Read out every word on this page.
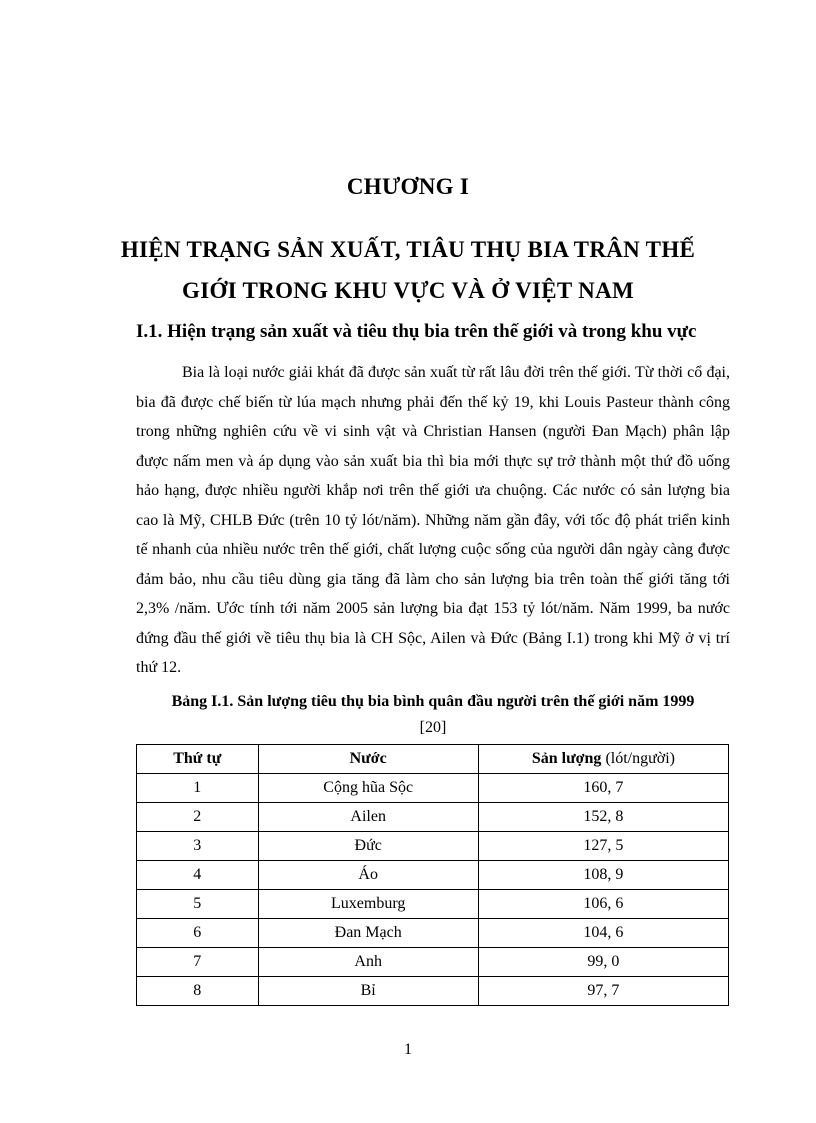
CHƯƠNG I
HIỆN TRẠNG SẢN XUẤT, TIÂU THỤ BIA TRÂN THẾ
GIỚI TRONG KHU VỰC VÀ Ở VIỆT NAM
I.1. Hiện trạng sản xuất và tiêu thụ bia trên thế giới và trong khu vực

Bia là loại nước giải khát đã được sản xuất từ rất lâu đời trên thế giới. Từ thời cổ đại, bia đã được chế biến từ lúa mạch nhưng phải đến thế kỷ 19, khi Louis Pasteur thành công trong những nghiên cứu về vi sinh vật và Christian Hansen (người Đan Mạch) phân lập được nấm men và áp dụng vào sản xuất bia thì bia mới thực sự trở thành một thứ đồ uống hảo hạng, được nhiều người khắp nơi trên thế giới ưa chuộng. Các nước có sản lượng bia cao là Mỹ, CHLB Đức (trên 10 tỷ lót/năm). Những năm gần đây, với tốc độ phát triển kinh tế nhanh của nhiều nước trên thế giới, chất lượng cuộc sống của người dân ngày càng được đảm bảo, nhu cầu tiêu dùng gia tăng đã làm cho sản lượng bia trên toàn thế giới tăng tới 2,3% /năm. Ước tính tới năm 2005 sản lượng bia đạt 153 tỷ lót/năm. Năm 1999, ba nước đứng đầu thế giới về tiêu thụ bia là CH Sộc, Ailen và Đức (Bảng I.1) trong khi Mỹ ở vị trí thứ 12.

Bảng I.1. Sản lượng tiêu thụ bia bình quân đầu người trên thế giới năm 1999
[20]
Thứ tự	Nước	Sản lượng (lót/người)
1	Cộng hũa Sộc	160, 7
2	Ailen	152, 8
3	Đức	127, 5
4	Áo	108, 9
5	Luxemburg	106, 6
6	Đan Mạch	104, 6
7	Anh	99, 0
8	Bỉ	97, 7
1
